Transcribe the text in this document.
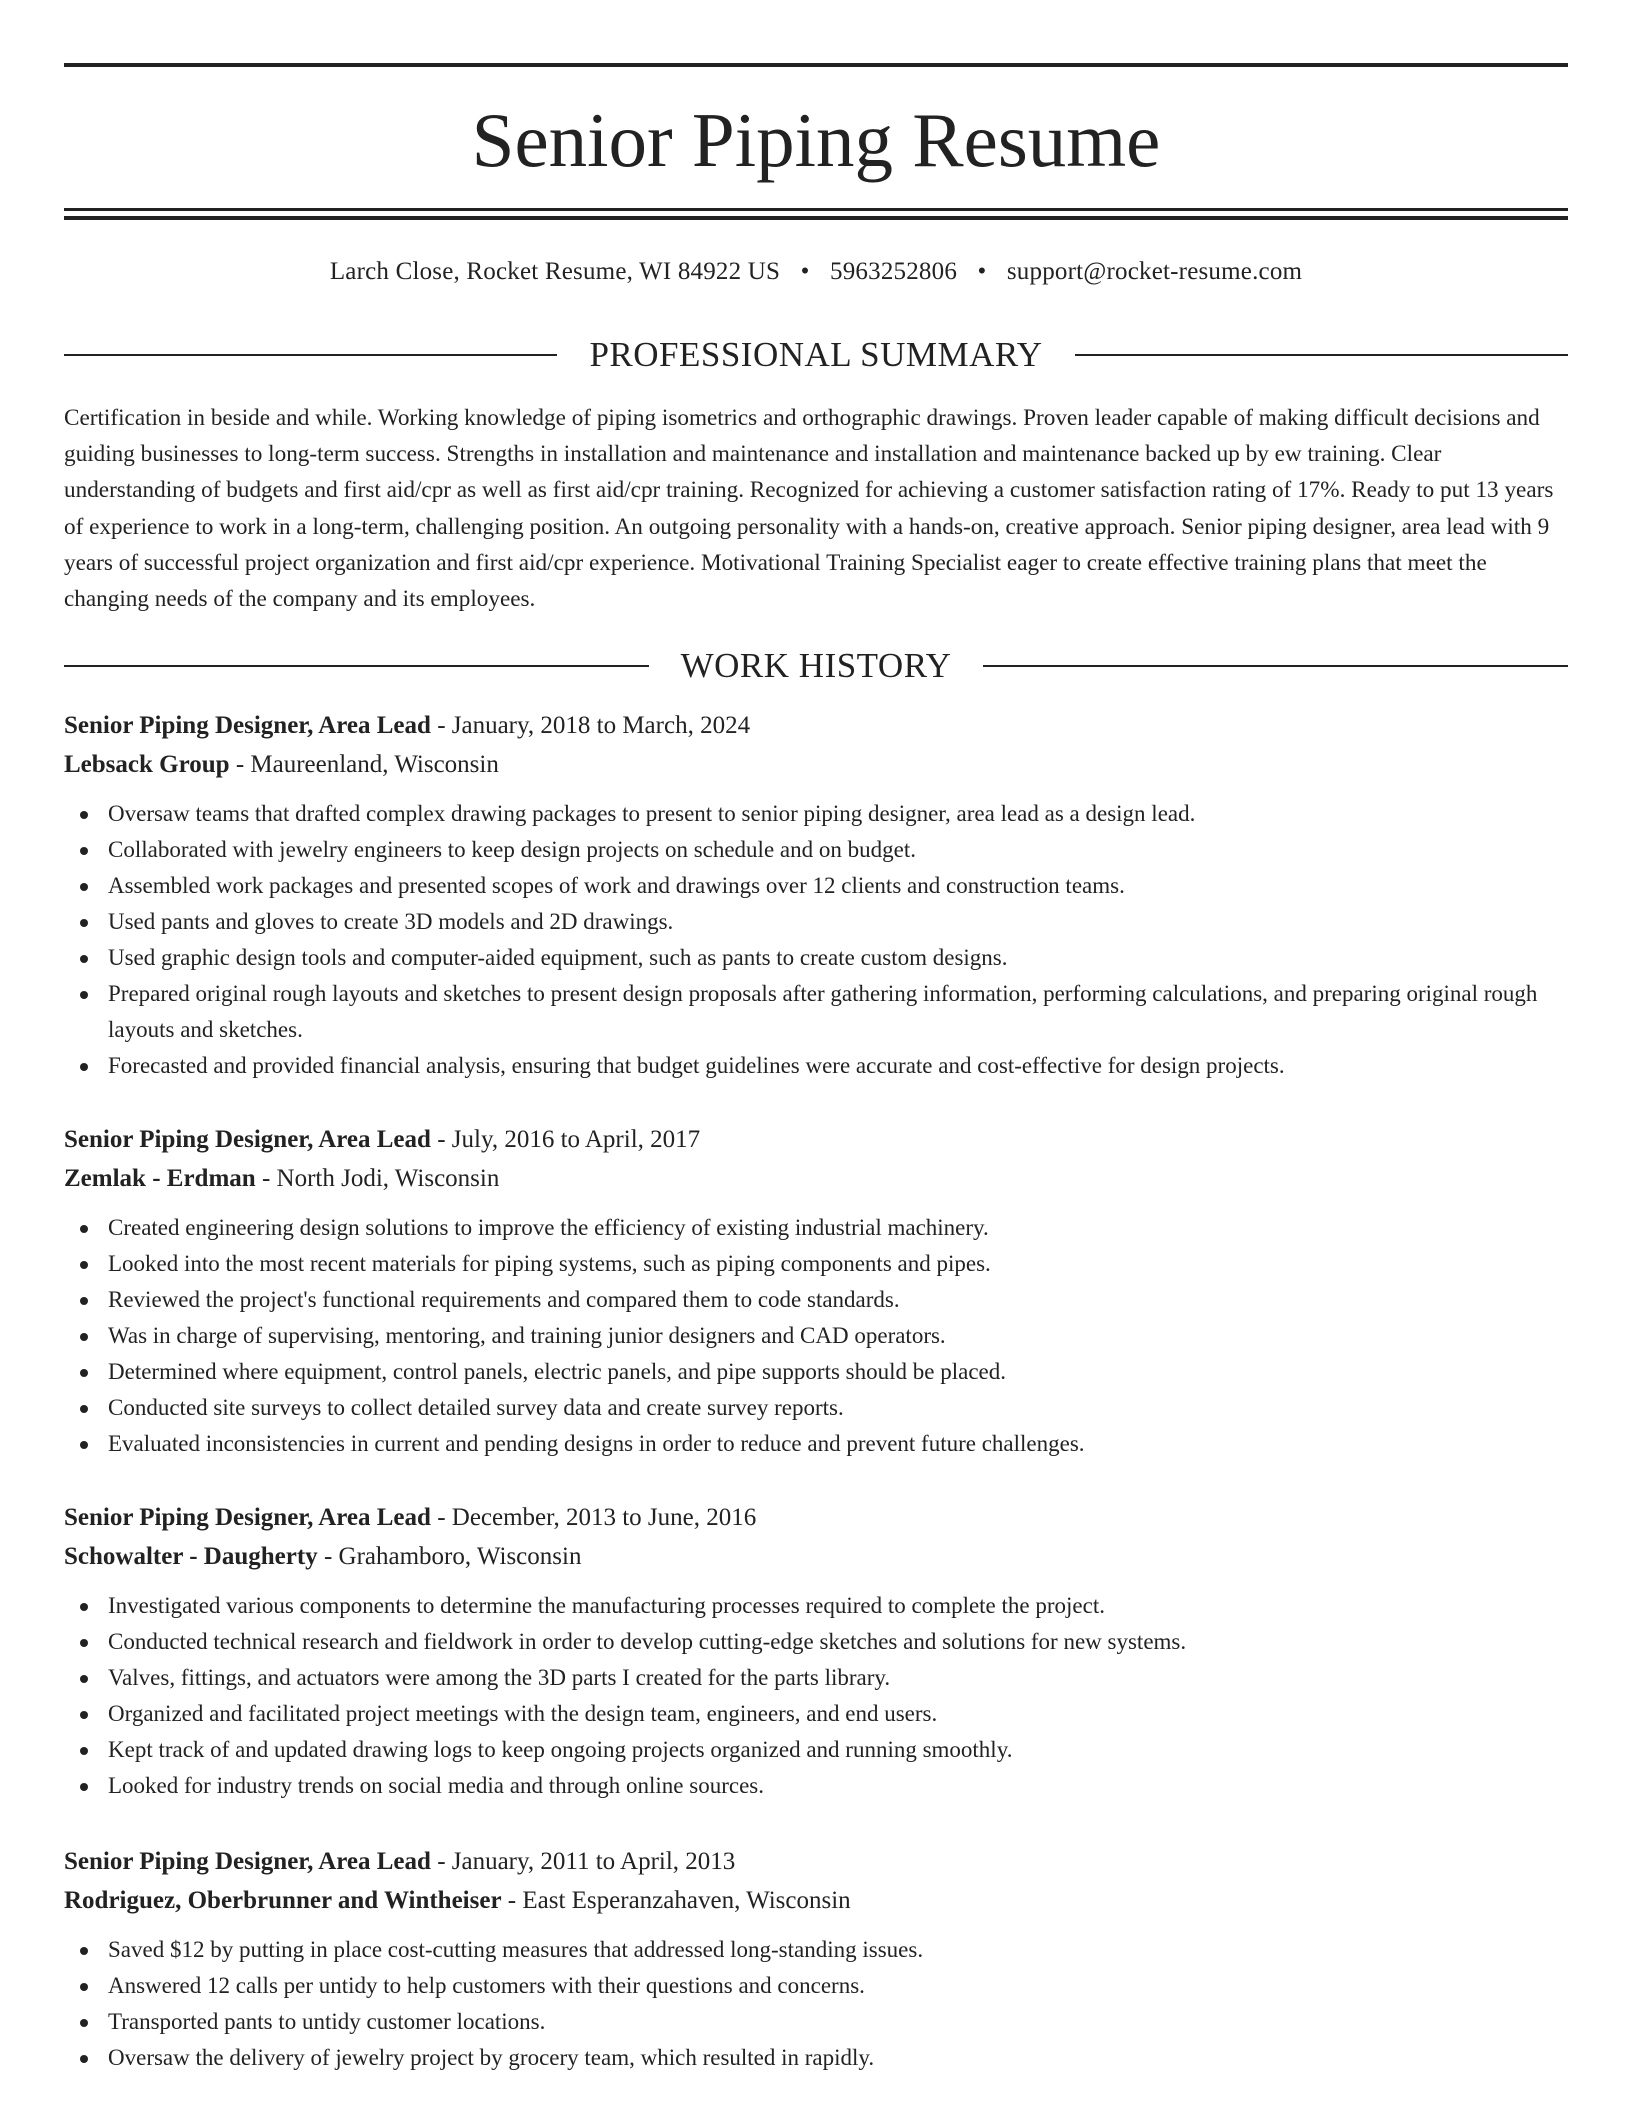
Senior Piping Resume
Larch Close, Rocket Resume, WI 84922 US • 5963252806 • support@rocket-resume.com
PROFESSIONAL SUMMARY

Certification in beside and while. Working knowledge of piping isometrics and orthographic drawings. Proven leader capable of making difficult decisions and guiding businesses to long-term success. Strengths in installation and maintenance and installation and maintenance backed up by ew training. Clear understanding of budgets and first aid/cpr as well as first aid/cpr training. Recognized for achieving a customer satisfaction rating of 17%. Ready to put 13 years of experience to work in a long-term, challenging position. An outgoing personality with a hands-on, creative approach. Senior piping designer, area lead with 9 years of successful project organization and first aid/cpr experience. Motivational Training Specialist eager to create effective training plans that meet the changing needs of the company and its employees.

WORK HISTORY
Senior Piping Designer, Area Lead - January, 2018 to March, 2024
Lebsack Group - Maureenland, Wisconsin
Oversaw teams that drafted complex drawing packages to present to senior piping designer, area lead as a design lead.
Collaborated with jewelry engineers to keep design projects on schedule and on budget.
Assembled work packages and presented scopes of work and drawings over 12 clients and construction teams.
Used pants and gloves to create 3D models and 2D drawings.
Used graphic design tools and computer-aided equipment, such as pants to create custom designs.
Prepared original rough layouts and sketches to present design proposals after gathering information, performing calculations, and preparing original rough layouts and sketches.
Forecasted and provided financial analysis, ensuring that budget guidelines were accurate and cost-effective for design projects.
Senior Piping Designer, Area Lead - July, 2016 to April, 2017
Zemlak - Erdman - North Jodi, Wisconsin
Created engineering design solutions to improve the efficiency of existing industrial machinery.
Looked into the most recent materials for piping systems, such as piping components and pipes.
Reviewed the project's functional requirements and compared them to code standards.
Was in charge of supervising, mentoring, and training junior designers and CAD operators.
Determined where equipment, control panels, electric panels, and pipe supports should be placed.
Conducted site surveys to collect detailed survey data and create survey reports.
Evaluated inconsistencies in current and pending designs in order to reduce and prevent future challenges.
Senior Piping Designer, Area Lead - December, 2013 to June, 2016
Schowalter - Daugherty - Grahamboro, Wisconsin
Investigated various components to determine the manufacturing processes required to complete the project.
Conducted technical research and fieldwork in order to develop cutting-edge sketches and solutions for new systems.
Valves, fittings, and actuators were among the 3D parts I created for the parts library.
Organized and facilitated project meetings with the design team, engineers, and end users.
Kept track of and updated drawing logs to keep ongoing projects organized and running smoothly.
Looked for industry trends on social media and through online sources.
Senior Piping Designer, Area Lead - January, 2011 to April, 2013
Rodriguez, Oberbrunner and Wintheiser - East Esperanzahaven, Wisconsin
Saved $12 by putting in place cost-cutting measures that addressed long-standing issues.
Answered 12 calls per untidy to help customers with their questions and concerns.
Transported pants to untidy customer locations.
Oversaw the delivery of jewelry project by grocery team, which resulted in rapidly.
